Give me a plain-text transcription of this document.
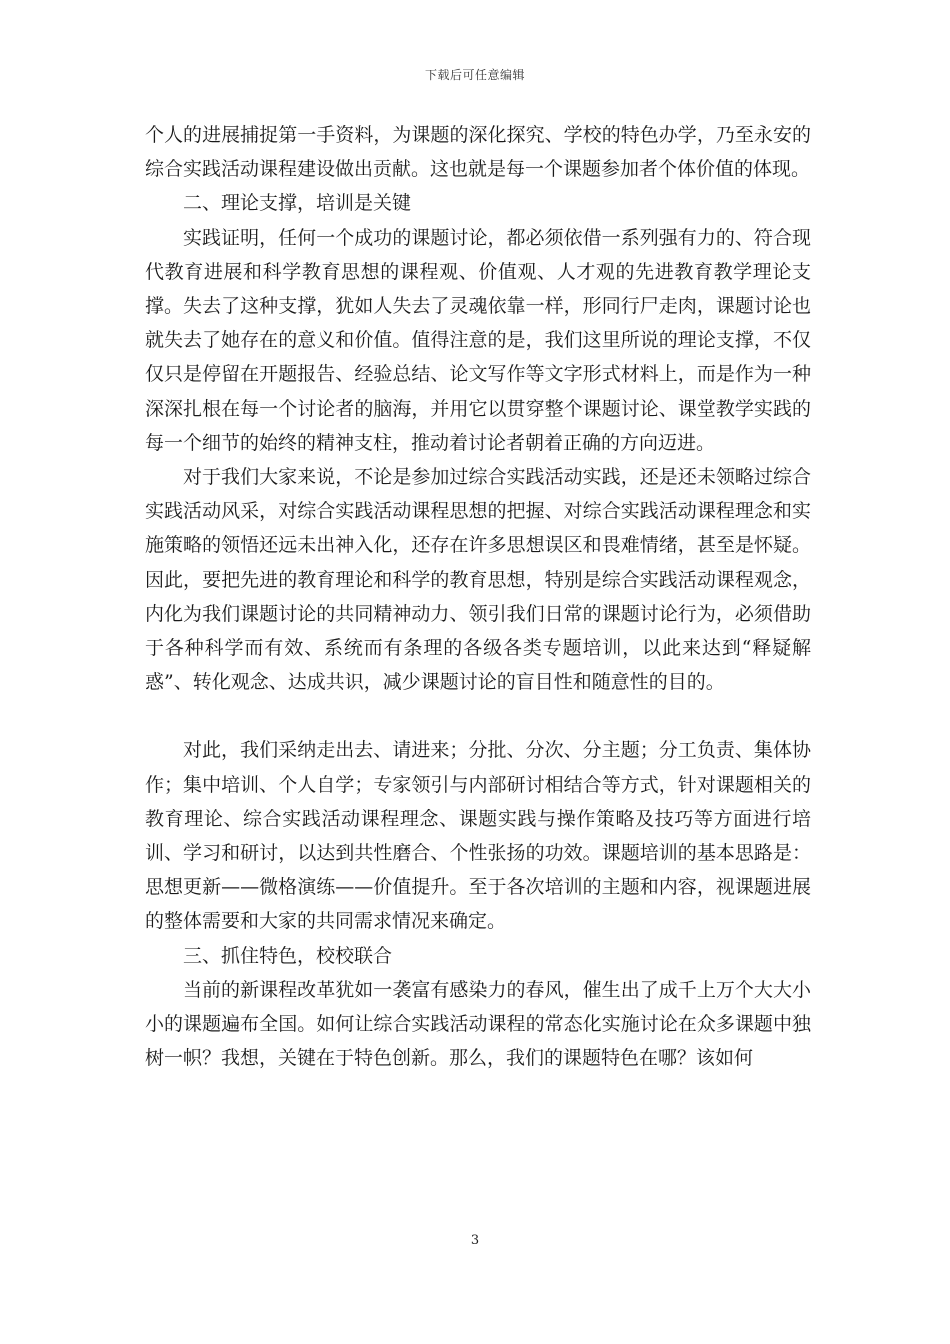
下载后可任意编辑

个人的进展捕捉第一手资料，为课题的深化探究、学校的特色办学，乃至永安的综合实践活动课程建设做出贡献。这也就是每一个课题参加者个体价值的体现。

二、理论支撑，培训是关键

实践证明，任何一个成功的课题讨论，都必须依借一系列强有力的、符合现代教育进展和科学教育思想的课程观、价值观、人才观的先进教育教学理论支撑。失去了这种支撑，犹如人失去了灵魂依靠一样，形同行尸走肉，课题讨论也就失去了她存在的意义和价值。值得注意的是，我们这里所说的理论支撑，不仅仅只是停留在开题报告、经验总结、论文写作等文字形式材料上，而是作为一种深深扎根在每一个讨论者的脑海，并用它以贯穿整个课题讨论、课堂教学实践的每一个细节的始终的精神支柱，推动着讨论者朝着正确的方向迈进。

对于我们大家来说，不论是参加过综合实践活动实践，还是还未领略过综合实践活动风采，对综合实践活动课程思想的把握、对综合实践活动课程理念和实施策略的领悟还远未出神入化，还存在许多思想误区和畏难情绪，甚至是怀疑。因此，要把先进的教育理论和科学的教育思想，特别是综合实践活动课程观念，内化为我们课题讨论的共同精神动力、领引我们日常的课题讨论行为，必须借助于各种科学而有效、系统而有条理的各级各类专题培训，以此来达到“释疑解惑”、转化观念、达成共识，减少课题讨论的盲目性和随意性的目的。

对此，我们采纳走出去、请进来；分批、分次、分主题；分工负责、集体协作；集中培训、个人自学；专家领引与内部研讨相结合等方式，针对课题相关的教育理论、综合实践活动课程理念、课题实践与操作策略及技巧等方面进行培训、学习和研讨，以达到共性磨合、个性张扬的功效。课题培训的基本思路是：思想更新——微格演练——价值提升。至于各次培训的主题和内容，视课题进展的整体需要和大家的共同需求情况来确定。

三、抓住特色，校校联合

当前的新课程改革犹如一袭富有感染力的春风，催生出了成千上万个大大小小的课题遍布全国。如何让综合实践活动课程的常态化实施讨论在众多课题中独树一帜？我想，关键在于特色创新。那么，我们的课题特色在哪？该如何

3
